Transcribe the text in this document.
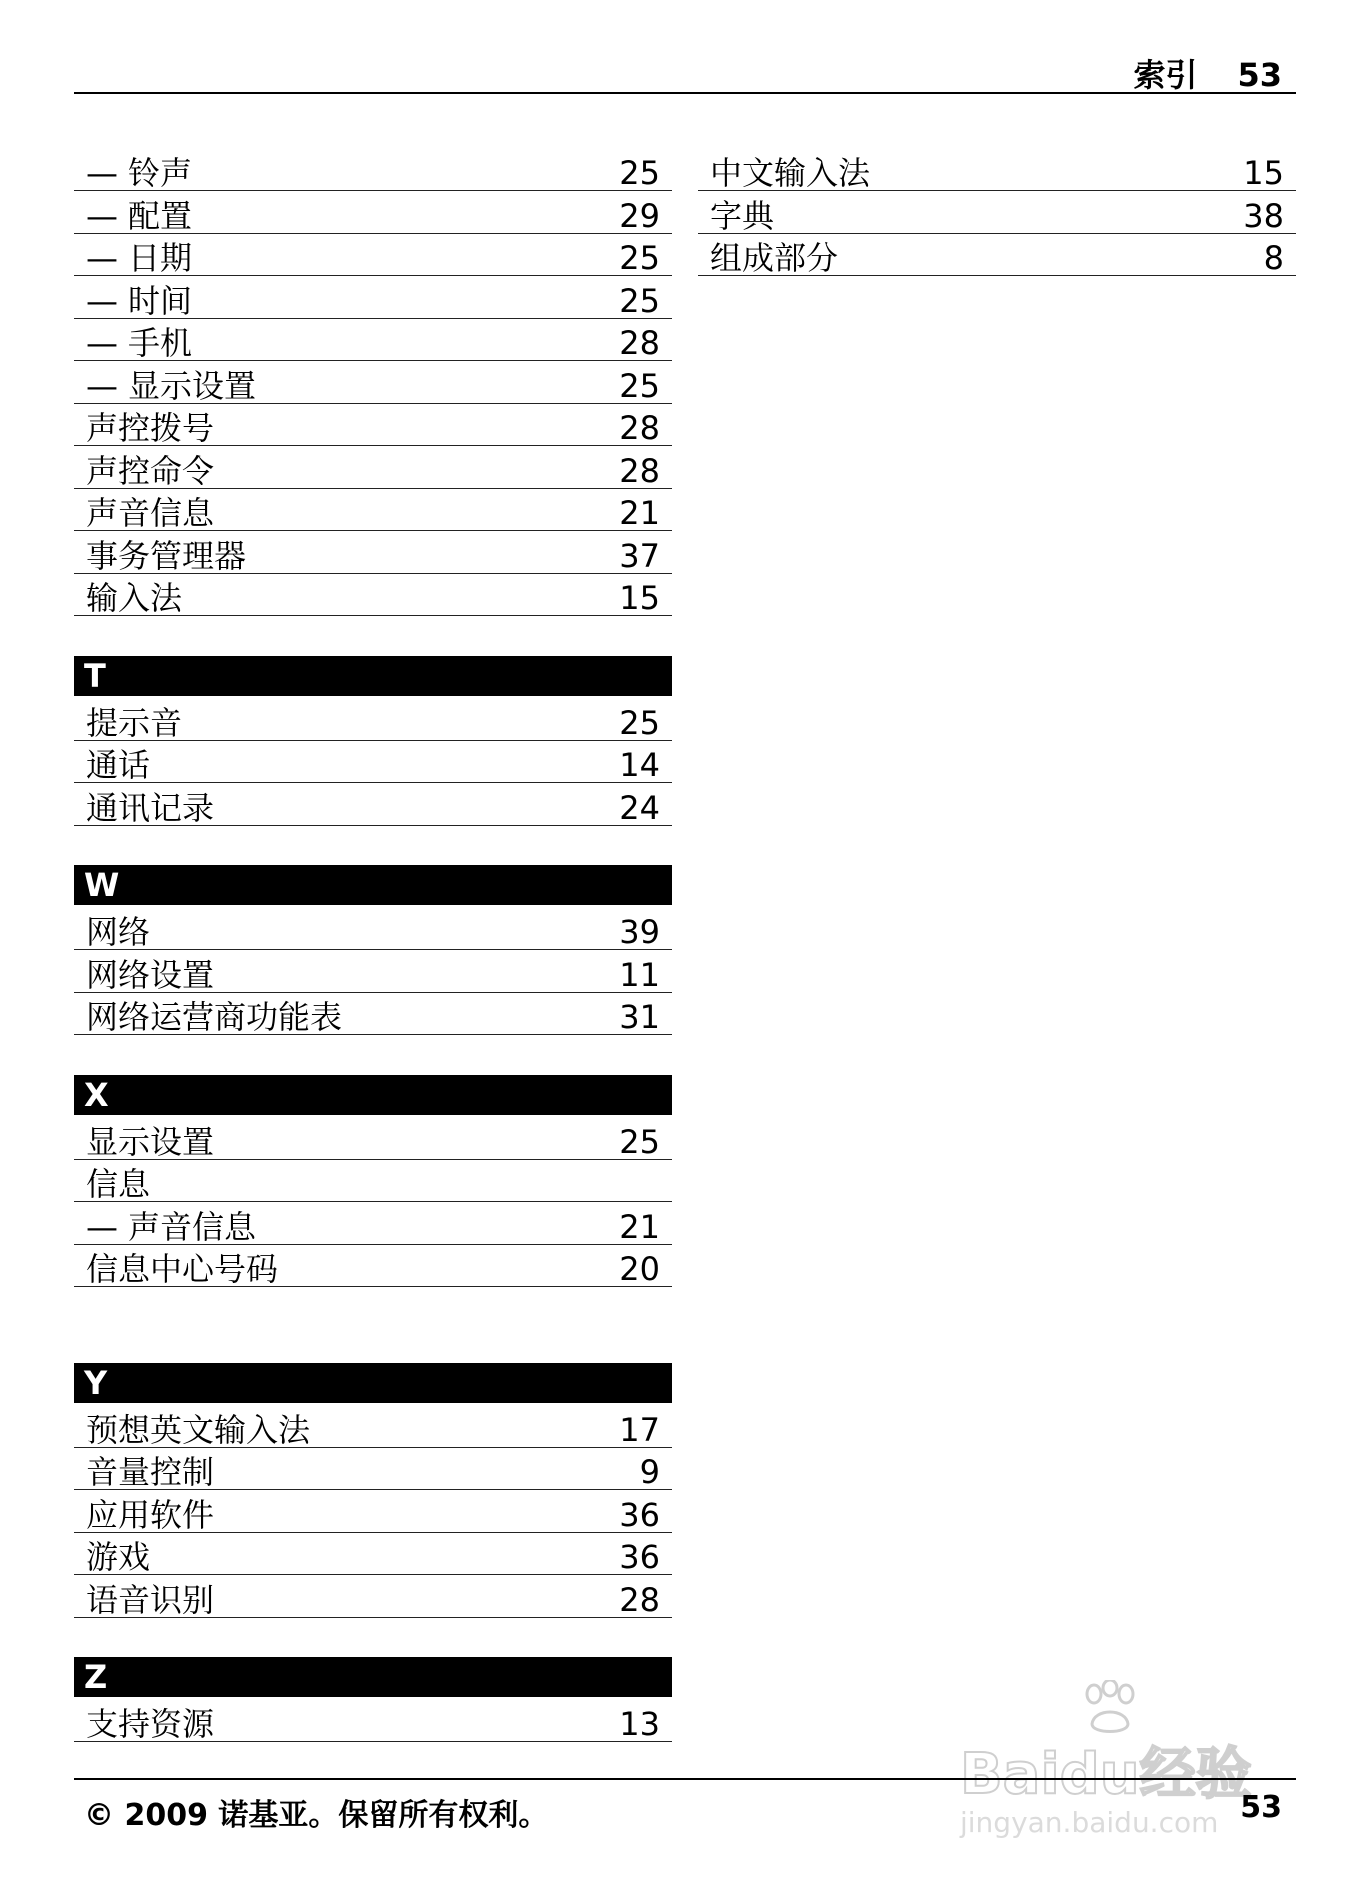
索引 53
— 铃声	25
— 配置	29
— 日期	25
— 时间	25
— 手机	28
— 显示设置	25
声控拨号	28
声控命令	28
声音信息	21
事务管理器	37
输入法	15
T
提示音	25
通话	14
通讯记录	24
W
网络	39
网络设置	11
网络运营商功能表	31
X
显示设置	25
信息
— 声音信息	21
信息中心号码	20
Y
预想英文输入法	17
音量控制	9
应用软件	36
游戏	36
语音识别	28
Z
支持资源	13
中文输入法	15
字典	38
组成部分	8
Baidu经验
jingyan.baidu.com
© 2009 诺基亚。保留所有权利。	53
